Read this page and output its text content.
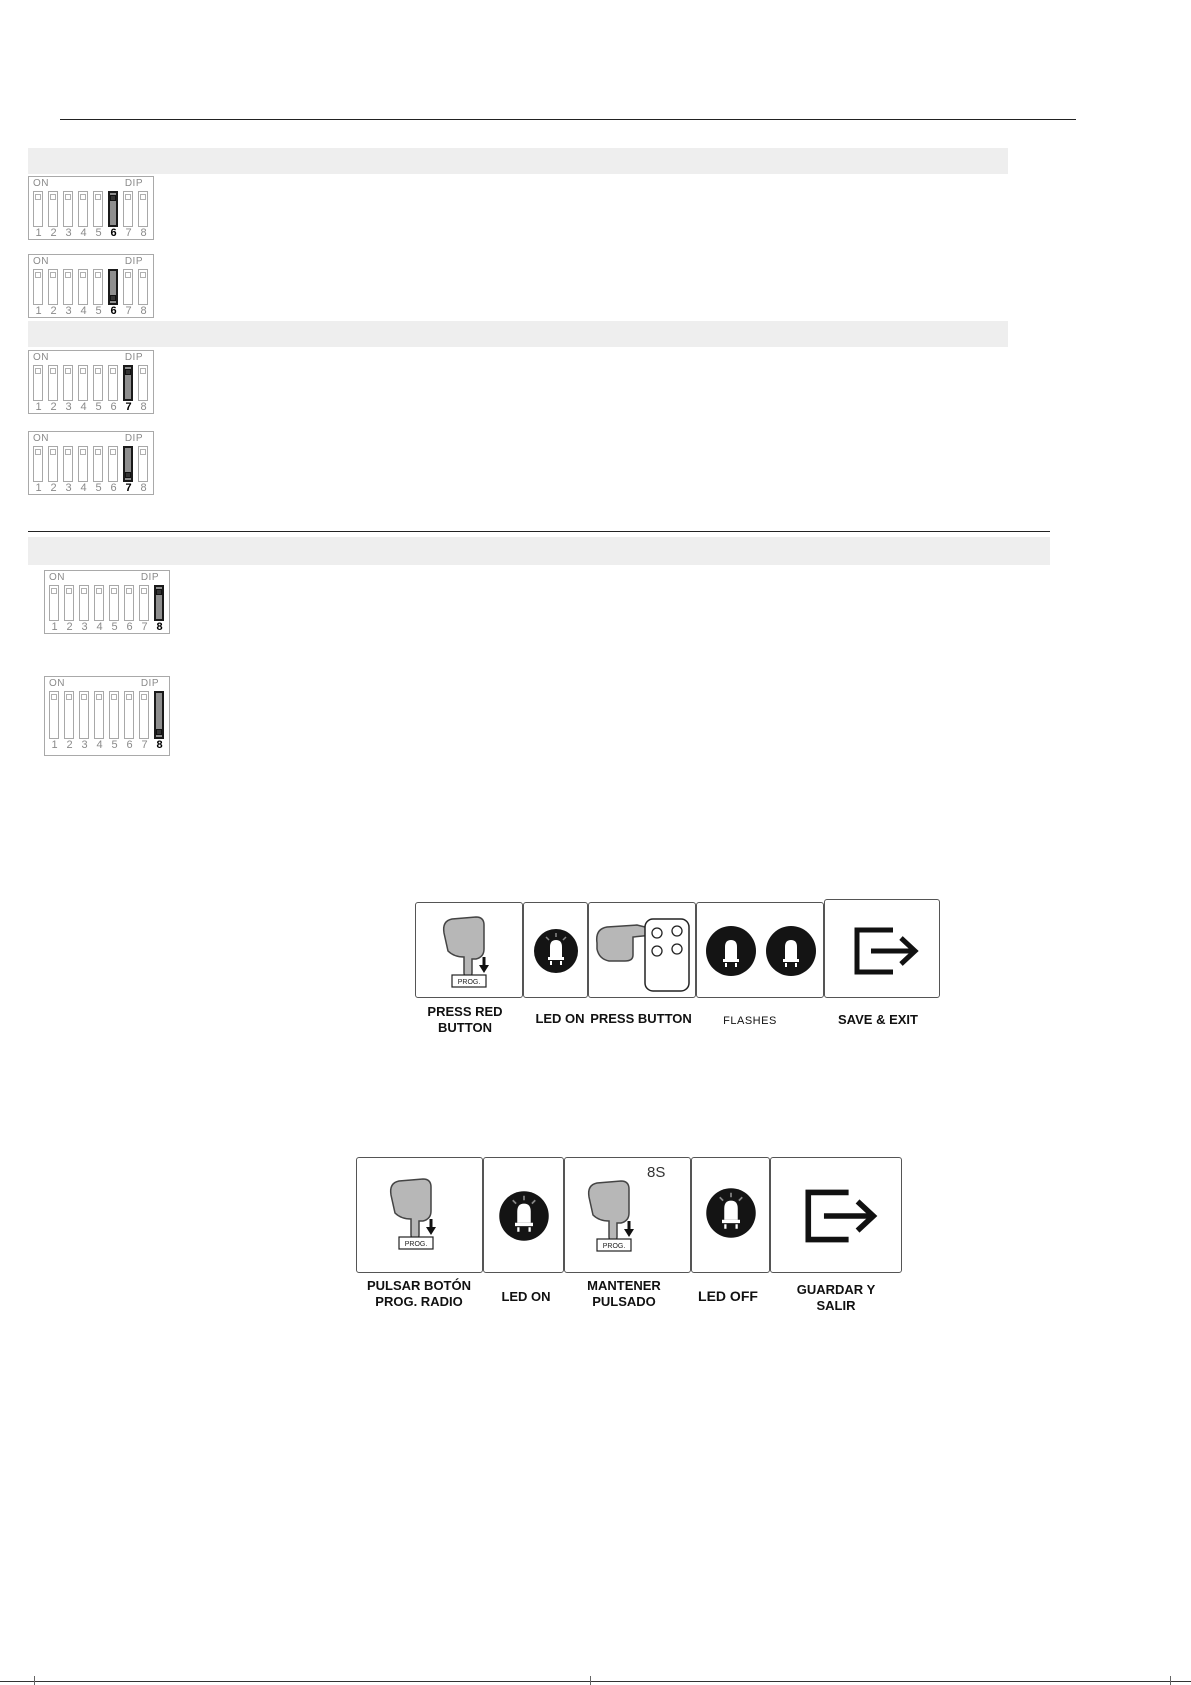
ON	DIP
1 2 3 4 5 6 7 8
ON	DIP
1 2 3 4 5 6 7 8
ON	DIP
1 2 3 4 5 6 7 8
ON	DIP
1 2 3 4 5 6 7 8
ON	DIP
1 2 3 4 5 6 7 8
ON	DIP
1 2 3 4 5 6 7 8
PROG.
PRESS RED
BUTTON
LED ON PRESS BUTTON	FLASHES	SAVE & EXIT
PROG.	PROG.
8S
PULSAR BOTÓN
PROG. RADIO	LED ON
MANTENER
PULSADO	LED OFF	GUARDAR Y
SALIR
